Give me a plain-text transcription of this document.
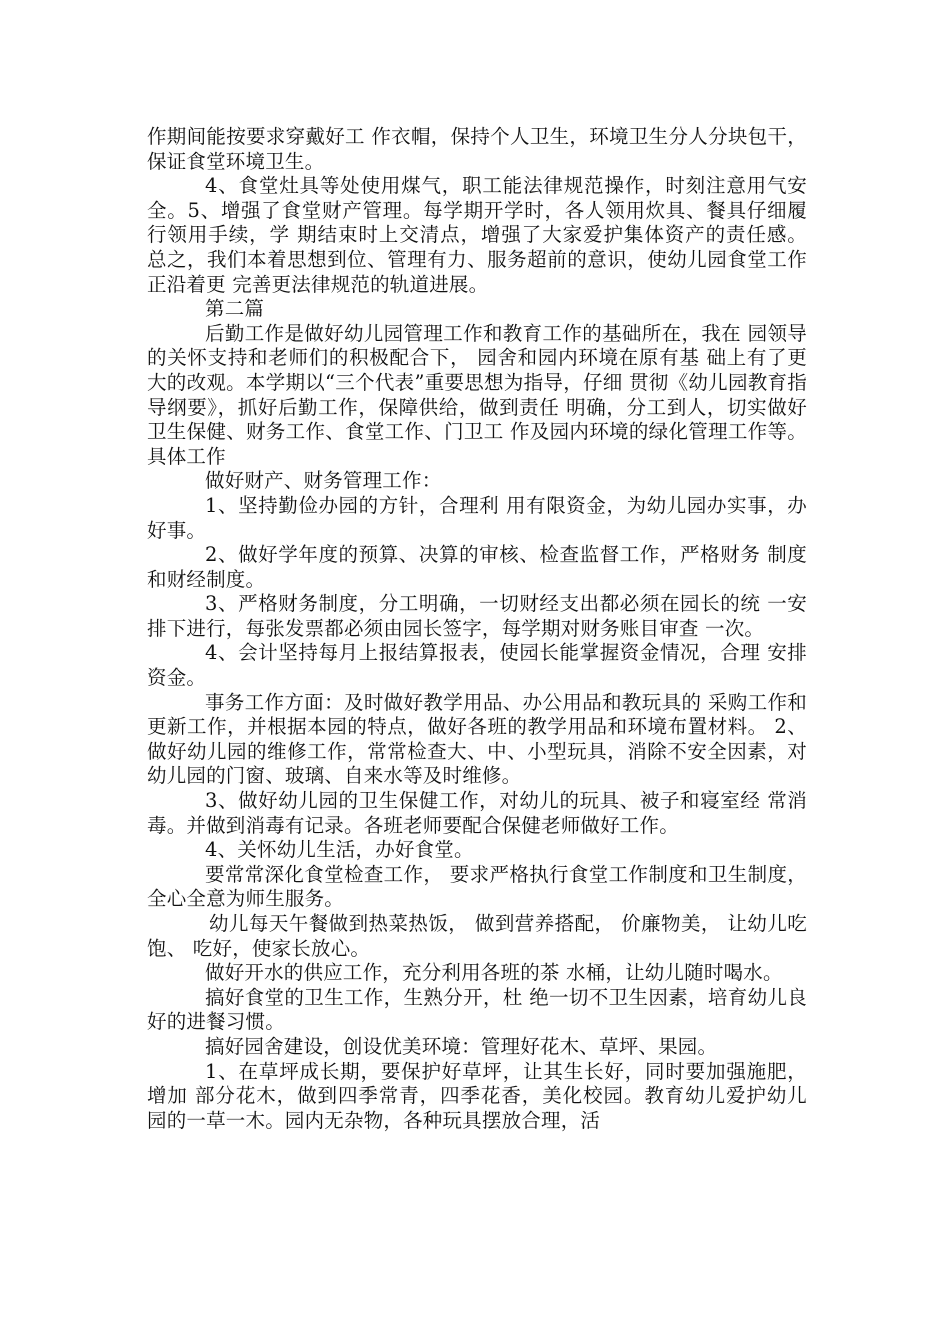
作期间能按要求穿戴好工 作衣帽，保持个人卫生，环境卫生分人分块包干，保证食堂环境卫生。

4、食堂灶具等处使用煤气，职工能法律规范操作，时刻注意用气安全。5、增强了食堂财产管理。每学期开学时，各人领用炊具、餐具仔细履行领用手续，学 期结束时上交清点，增强了大家爱护集体资产的责任感。 总之，我们本着思想到位、管理有力、服务超前的意识，使幼儿园食堂工作正沿着更 完善更法律规范的轨道进展。

第二篇

后勤工作是做好幼儿园管理工作和教育工作的基础所在，我在 园领导的关怀支持和老师们的积极配合下， 园舍和园内环境在原有基 础上有了更大的改观。本学期以“三个代表”重要思想为指导，仔细 贯彻《幼儿园教育指导纲要》，抓好后勤工作，保障供给，做到责任 明确，分工到人，切实做好卫生保健、财务工作、食堂工作、门卫工 作及园内环境的绿化管理工作等。 具体工作

做好财产、财务管理工作：

1、坚持勤俭办园的方针，合理利 用有限资金，为幼儿园办实事，办好事。

2、做好学年度的预算、决算的审核、检查监督工作，严格财务 制度和财经制度。

3、严格财务制度，分工明确，一切财经支出都必须在园长的统 一安排下进行，每张发票都必须由园长签字，每学期对财务账目审查 一次。

4、会计坚持每月上报结算报表，使园长能掌握资金情况，合理 安排资金。

事务工作方面：及时做好教学用品、办公用品和教玩具的 采购工作和更新工作，并根据本园的特点，做好各班的教学用品和环境布置材料。 2、做好幼儿园的维修工作，常常检查大、中、小型玩具，消除不安全因素，对幼儿园的门窗、玻璃、自来水等及时维修。

3、做好幼儿园的卫生保健工作，对幼儿的玩具、被子和寝室经 常消毒。并做到消毒有记录。各班老师要配合保健老师做好工作。

4、关怀幼儿生活，办好食堂。

要常常深化食堂检查工作， 要求严格执行食堂工作制度和卫生制度，全心全意为师生服务。

幼儿每天午餐做到热菜热饭， 做到营养搭配， 价廉物美， 让幼儿吃饱、 吃好，使家长放心。

做好开水的供应工作，充分利用各班的茶 水桶，让幼儿随时喝水。

搞好食堂的卫生工作，生熟分开，杜 绝一切不卫生因素，培育幼儿良好的进餐习惯。

搞好园舍建设，创设优美环境：管理好花木、草坪、果园。

1、在草坪成长期，要保护好草坪，让其生长好，同时要加强施肥，增加 部分花木，做到四季常青，四季花香，美化校园。教育幼儿爱护幼儿 园的一草一木。园内无杂物，各种玩具摆放合理，活
